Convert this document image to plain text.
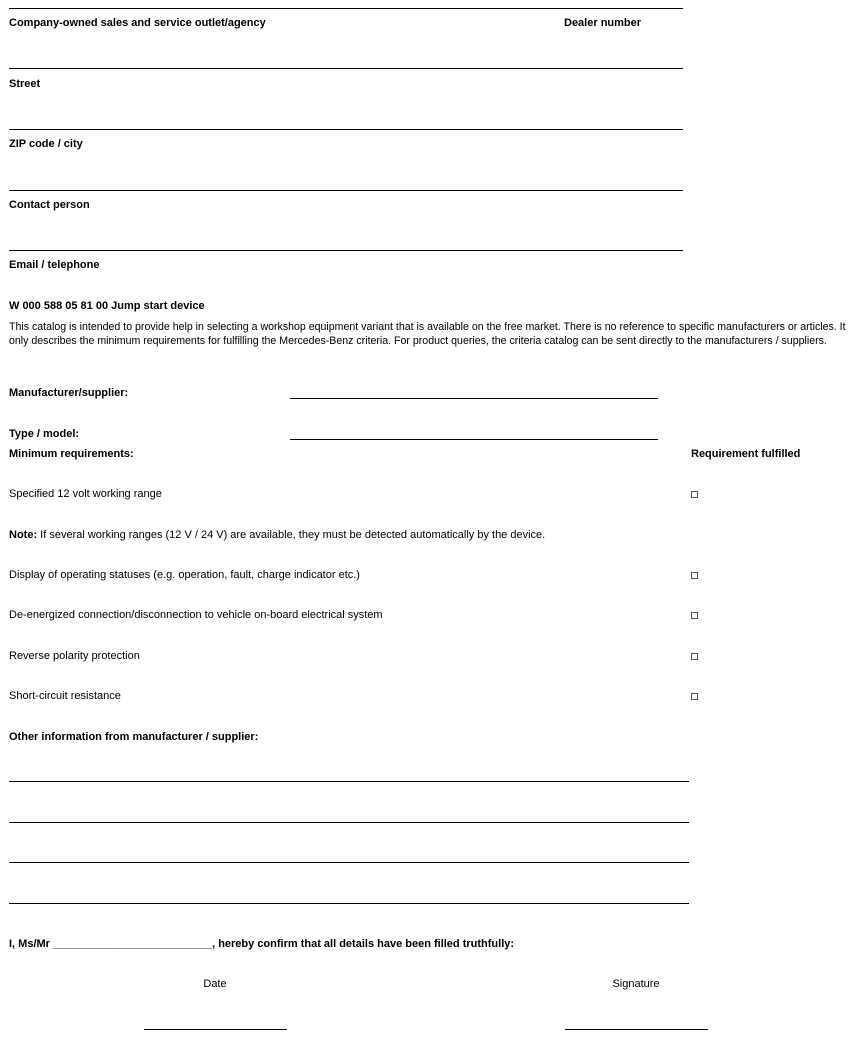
Company-owned sales and service outlet/agency	Dealer number
Street
ZIP code / city
Contact person
Email / telephone
W 000 588 05 81 00 Jump start device
This catalog is intended to provide help in selecting a workshop equipment variant that is available on the free market. There is no reference to specific manufacturers or articles. It only describes the minimum requirements for fulfilling the Mercedes-Benz criteria. For product queries, the criteria catalog can be sent directly to the manufacturers / suppliers.
Manufacturer/supplier:
Type / model:
Minimum requirements:	Requirement fulfilled
Specified 12 volt working range
Note: If several working ranges (12 V / 24 V) are available, they must be detected automatically by the device.
Display of operating statuses (e.g. operation, fault, charge indicator etc.)
De-energized connection/disconnection to vehicle on-board electrical system
Reverse polarity protection
Short-circuit resistance
Other information from manufacturer / supplier:
I, Ms/Mr __________________________, hereby confirm that all details have been filled truthfully:
Date	Signature
